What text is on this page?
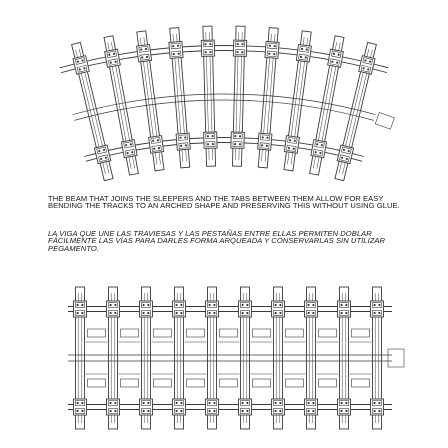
THE BEAM THAT JOINS THE SLEEPERS AND THE TABS BETWEEN THEM ALLOW FOR EASY BENDING THE TRACKS TO AN ARCHED SHAPE AND PRESERVING THIS WITHOUT USING GLUE.

LA VIGA QUE UNE LAS TRAVIESAS Y LAS PESTAÑAS ENTRE ELLAS PERMITEN DOBLAR FÁCILMENTE LAS VÍAS PARA DARLES FORMA ARQUEADA Y CONSERVARLAS SIN UTILIZAR PEGAMENTO.
